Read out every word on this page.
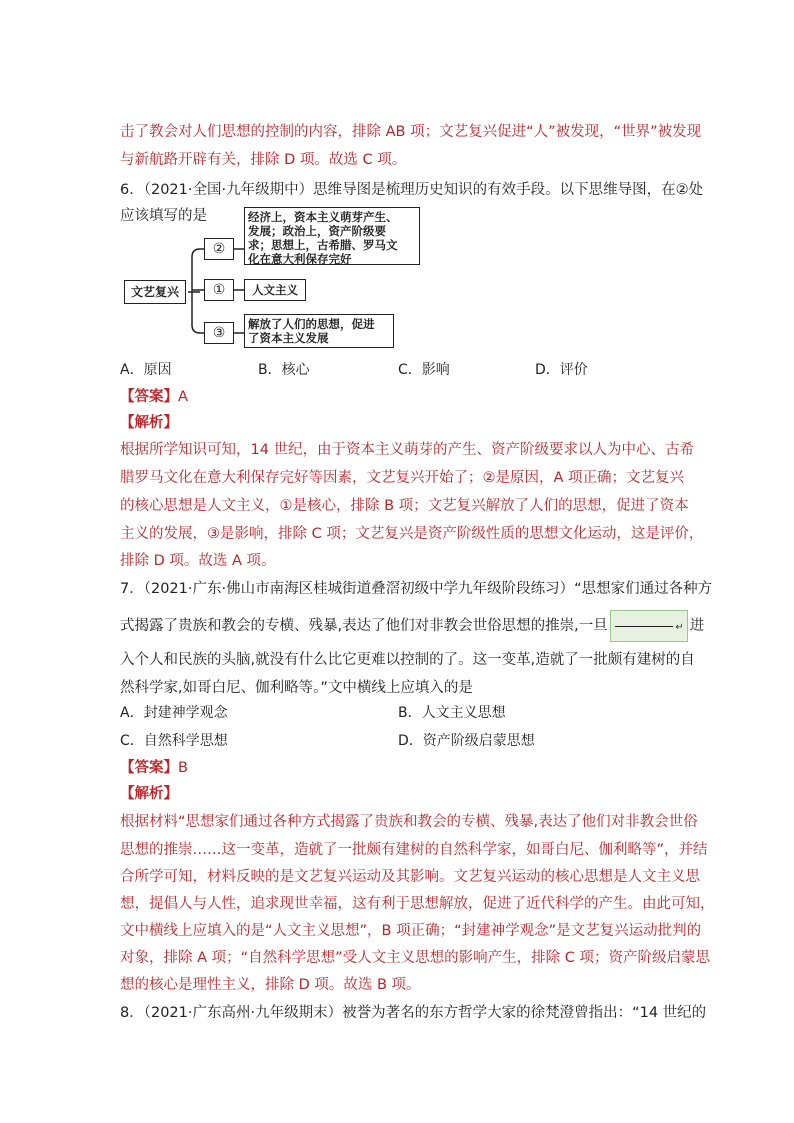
击了教会对人们思想的控制的内容，排除 AB 项；文艺复兴促进“人”被发现，“世界”被发现
与新航路开辟有关，排除 D 项。故选 C 项。
6．（2021·全国·九年级期中）思维导图是梳理历史知识的有效手段。以下思维导图，在②处
应该填写的是
文艺复兴
②
①
③
经济上，资本主义萌芽产生、
发展；政治上，资产阶级要
求；思想上，古希腊、罗马文
化在意大利保存完好
人文主义
解放了人们的思想，促进
了资本主义发展
A．原因	B．核心	C．影响	D．评价
【答案】A
【解析】
根据所学知识可知，14 世纪，由于资本主义萌芽的产生、资产阶级要求以人为中心、古希
腊罗马文化在意大利保存完好等因素，文艺复兴开始了；②是原因，A 项正确；文艺复兴
的核心思想是人文主义，①是核心，排除 B 项；文艺复兴解放了人们的思想，促进了资本
主义的发展，③是影响，排除 C 项；文艺复兴是资产阶级性质的思想文化运动，这是评价，
排除 D 项。故选 A 项。
7．（2021·广东·佛山市南海区桂城街道叠滘初级中学九年级阶段练习）“思想家们通过各种方
式揭露了贵族和教会的专横、残暴,表达了他们对非教会世俗思想的推崇,一旦	↵ 进
入个人和民族的头脑,就没有什么比它更难以控制的了。这一变革,造就了一批颇有建树的自
然科学家,如哥白尼、伽利略等。”文中横线上应填入的是
A．封建神学观念	B．人文主义思想
C．自然科学思想	D．资产阶级启蒙思想
【答案】B
【解析】
根据材料“思想家们通过各种方式揭露了贵族和教会的专横、残暴,表达了他们对非教会世俗
思想的推崇……这一变革，造就了一批颇有建树的自然科学家，如哥白尼、伽利略等”，并结
合所学可知，材料反映的是文艺复兴运动及其影响。文艺复兴运动的核心思想是人文主义思
想，提倡人与人性，追求现世幸福，这有利于思想解放，促进了近代科学的产生。由此可知，
文中横线上应填入的是“人文主义思想”，B 项正确；“封建神学观念”是文艺复兴运动批判的
对象，排除 A 项；“自然科学思想”受人文主义思想的影响产生，排除 C 项；资产阶级启蒙思
想的核心是理性主义，排除 D 项。故选 B 项。
8．（2021·广东高州·九年级期末）被誉为著名的东方哲学大家的徐梵澄曾指出：“14 世纪的
